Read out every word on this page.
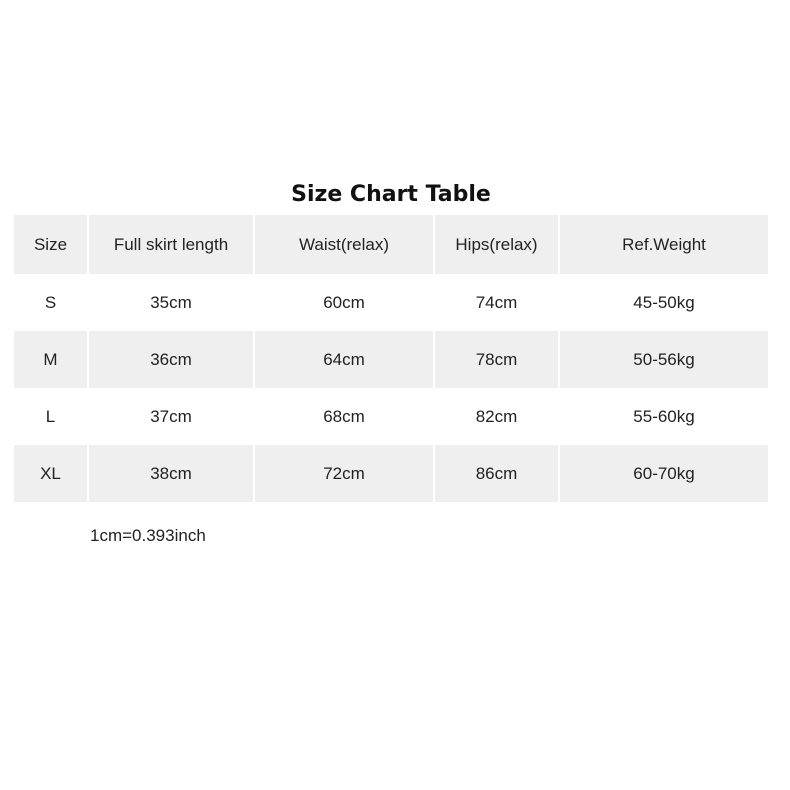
Size Chart Table
Size	Full skirt length	Waist(relax)	Hips(relax)	Ref.Weight
S	35cm	60cm	74cm	45-50kg
M	36cm	64cm	78cm	50-56kg
L	37cm	68cm	82cm	55-60kg
XL	38cm	72cm	86cm	60-70kg
1cm=0.393inch
